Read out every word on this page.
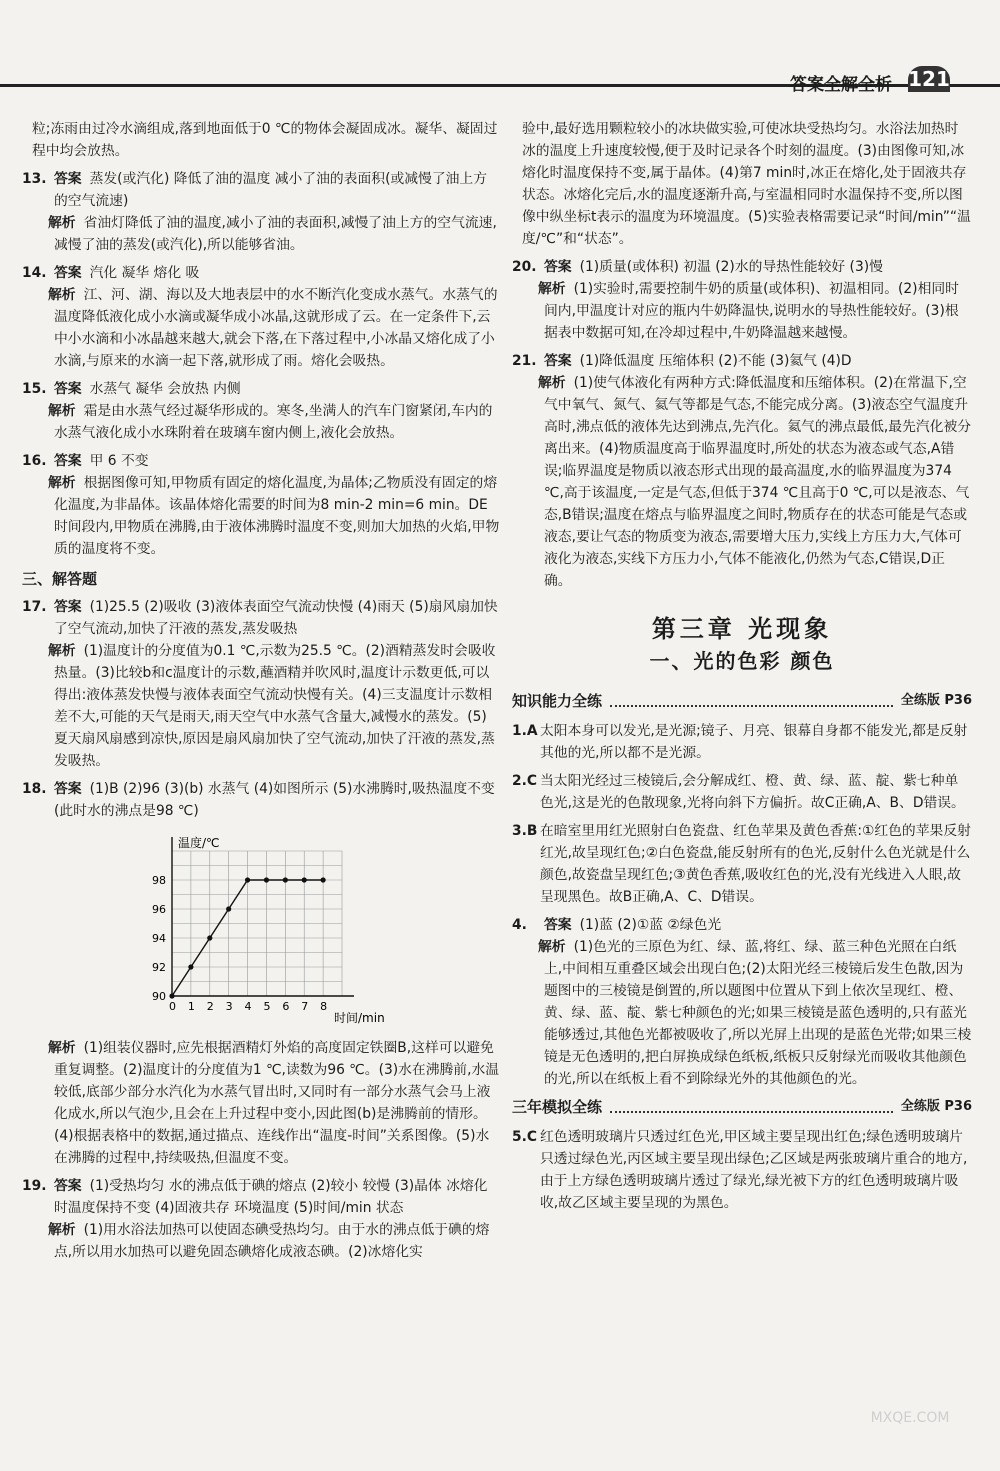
答案全解全析 121
粒;冻雨由过冷水滴组成,落到地面低于0 ℃的物体会凝固成冰。凝华、凝固过程中均会放热。
13. 答案 蒸发(或汽化) 降低了油的温度 减小了油的表面积(或减慢了油上方的空气流速)
解析 省油灯降低了油的温度,减小了油的表面积,减慢了油上方的空气流速,减慢了油的蒸发(或汽化),所以能够省油。
14. 答案 汽化 凝华 熔化 吸
解析 江、河、湖、海以及大地表层中的水不断汽化变成水蒸气。水蒸气的温度降低液化成小水滴或凝华成小冰晶,这就形成了云。在一定条件下,云中小水滴和小冰晶越来越大,就会下落,在下落过程中,小冰晶又熔化成了小水滴,与原来的水滴一起下落,就形成了雨。熔化会吸热。
15. 答案 水蒸气 凝华 会放热 内侧
解析 霜是由水蒸气经过凝华形成的。寒冬,坐满人的汽车门窗紧闭,车内的水蒸气液化成小水珠附着在玻璃车窗内侧上,液化会放热。
16. 答案 甲 6 不变
解析 根据图像可知,甲物质有固定的熔化温度,为晶体;乙物质没有固定的熔化温度,为非晶体。该晶体熔化需要的时间为8 min-2 min=6 min。DE时间段内,甲物质在沸腾,由于液体沸腾时温度不变,则加大加热的火焰,甲物质的温度将不变。
三、解答题
17. 答案 (1)25.5 (2)吸收 (3)液体表面空气流动快慢 (4)雨天 (5)扇风扇加快了空气流动,加快了汗液的蒸发,蒸发吸热
解析 (1)温度计的分度值为0.1 ℃,示数为25.5 ℃。(2)酒精蒸发时会吸收热量。(3)比较b和c温度计的示数,蘸酒精并吹风时,温度计示数更低,可以得出:液体蒸发快慢与液体表面空气流动快慢有关。(4)三支温度计示数相差不大,可能的天气是雨天,雨天空气中水蒸气含量大,减慢水的蒸发。(5)夏天扇风扇感到凉快,原因是扇风扇加快了空气流动,加快了汗液的蒸发,蒸发吸热。
18. 答案 (1)B (2)96 (3)(b) 水蒸气 (4)如图所示 (5)水沸腾时,吸热温度不变(此时水的沸点是98 ℃)
温度/℃
时间/min
0 1 2 3 4 5 6 7 8
90
92
94
96
98
解析 (1)组装仪器时,应先根据酒精灯外焰的高度固定铁圈B,这样可以避免重复调整。(2)温度计的分度值为1 ℃,读数为96 ℃。(3)水在沸腾前,水温较低,底部少部分水汽化为水蒸气冒出时,又同时有一部分水蒸气会马上液化成水,所以气泡少,且会在上升过程中变小,因此图(b)是沸腾前的情形。(4)根据表格中的数据,通过描点、连线作出“温度-时间”关系图像。(5)水在沸腾的过程中,持续吸热,但温度不变。
19. 答案 (1)受热均匀 水的沸点低于碘的熔点 (2)较小 较慢 (3)晶体 冰熔化时温度保持不变 (4)固液共存 环境温度 (5)时间/min 状态
解析 (1)用水浴法加热可以使固态碘受热均匀。由于水的沸点低于碘的熔点,所以用水加热可以避免固态碘熔化成液态碘。(2)冰熔化实
验中,最好选用颗粒较小的冰块做实验,可使冰块受热均匀。水浴法加热时冰的温度上升速度较慢,便于及时记录各个时刻的温度。(3)由图像可知,冰熔化时温度保持不变,属于晶体。(4)第7 min时,冰正在熔化,处于固液共存状态。冰熔化完后,水的温度逐渐升高,与室温相同时水温保持不变,所以图像中纵坐标t表示的温度为环境温度。(5)实验表格需要记录“时间/min”“温度/℃”和“状态”。
20. 答案 (1)质量(或体积) 初温 (2)水的导热性能较好 (3)慢
解析 (1)实验时,需要控制牛奶的质量(或体积)、初温相同。(2)相同时间内,甲温度计对应的瓶内牛奶降温快,说明水的导热性能较好。(3)根据表中数据可知,在冷却过程中,牛奶降温越来越慢。
21. 答案 (1)降低温度 压缩体积 (2)不能 (3)氦气 (4)D
解析 (1)使气体液化有两种方式:降低温度和压缩体积。(2)在常温下,空气中氧气、氮气、氦气等都是气态,不能完成分离。(3)液态空气温度升高时,沸点低的液体先达到沸点,先汽化。氦气的沸点最低,最先汽化被分离出来。(4)物质温度高于临界温度时,所处的状态为液态或气态,A错误;临界温度是物质以液态形式出现的最高温度,水的临界温度为374 ℃,高于该温度,一定是气态,但低于374 ℃且高于0 ℃,可以是液态、气态,B错误;温度在熔点与临界温度之间时,物质存在的状态可能是气态或液态,要让气态的物质变为液态,需要增大压力,实线上方压力大,气体可液化为液态,实线下方压力小,气体不能液化,仍然为气态,C错误,D正确。
第三章 光现象
一、光的色彩 颜色
知识能力全练	全练版 P36
1.A 太阳本身可以发光,是光源;镜子、月亮、银幕自身都不能发光,都是反射其他的光,所以都不是光源。
2.C 当太阳光经过三棱镜后,会分解成红、橙、黄、绿、蓝、靛、紫七种单色光,这是光的色散现象,光将向斜下方偏折。故C正确,A、B、D错误。
3.B 在暗室里用红光照射白色瓷盘、红色苹果及黄色香蕉:①红色的苹果反射红光,故呈现红色;②白色瓷盘,能反射所有的色光,反射什么色光就是什么颜色,故瓷盘呈现红色;③黄色香蕉,吸收红色的光,没有光线进入人眼,故呈现黑色。故B正确,A、C、D错误。
4. 答案 (1)蓝 (2)①蓝 ②绿色光
解析 (1)色光的三原色为红、绿、蓝,将红、绿、蓝三种色光照在白纸上,中间相互重叠区域会出现白色;(2)太阳光经三棱镜后发生色散,因为题图中的三棱镜是倒置的,所以题图中位置从下到上依次呈现红、橙、黄、绿、蓝、靛、紫七种颜色的光;如果三棱镜是蓝色透明的,只有蓝光能够透过,其他色光都被吸收了,所以光屏上出现的是蓝色光带;如果三棱镜是无色透明的,把白屏换成绿色纸板,纸板只反射绿光而吸收其他颜色的光,所以在纸板上看不到除绿光外的其他颜色的光。
三年模拟全练	全练版 P36
5.C 红色透明玻璃片只透过红色光,甲区域主要呈现出红色;绿色透明玻璃片只透过绿色光,丙区域主要呈现出绿色;乙区域是两张玻璃片重合的地方,由于上方绿色透明玻璃片透过了绿光,绿光被下方的红色透明玻璃片吸收,故乙区域主要呈现的为黑色。
MXQE.COM
